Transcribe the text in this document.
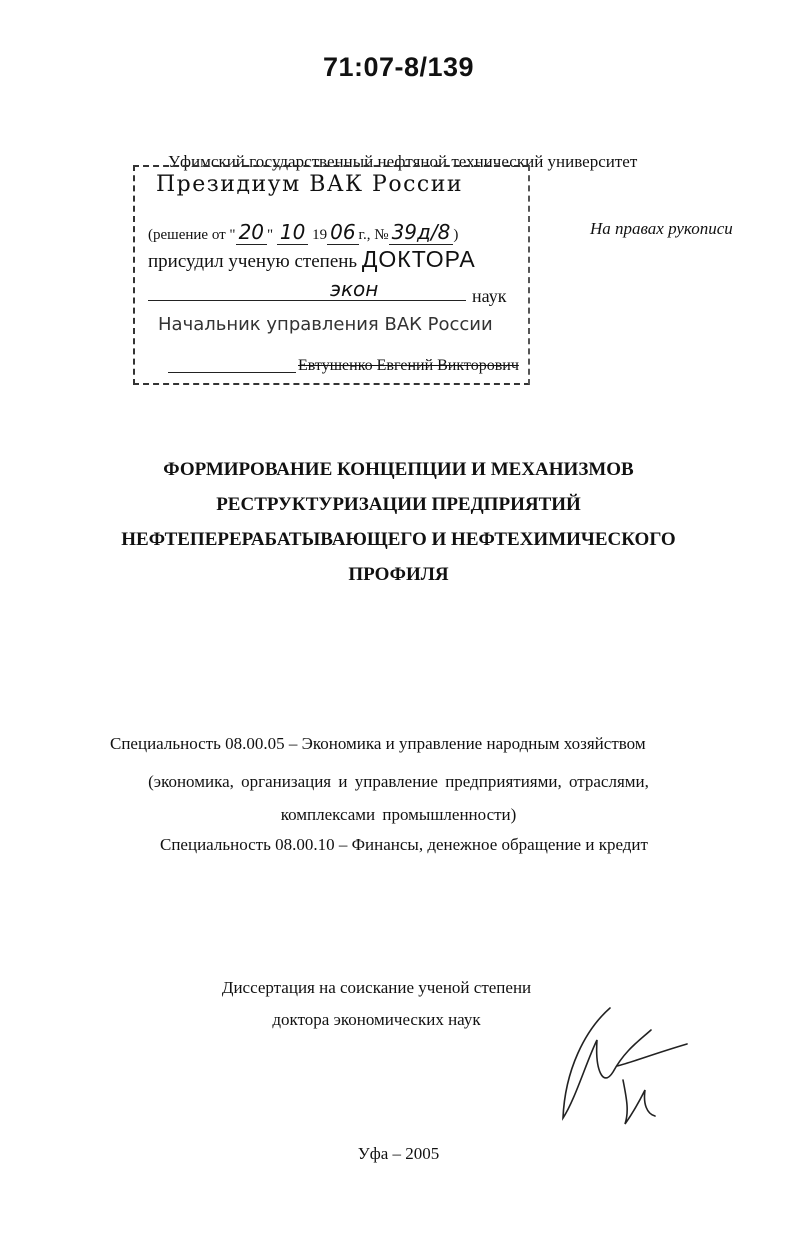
71:07-8/139
Уфимский государственный нефтяной технический университет
На правах рукописи
Президиум ВАК России
(решение от " 20 " 10 19 06 г., № 39д/8 )
присудил ученую степень ДОКТОРА
экон	наук
Начальник управления ВАК России
Евтушенко Евгений Викторович
ФОРМИРОВАНИЕ КОНЦЕПЦИИ И МЕХАНИЗМОВ
РЕСТРУКТУРИЗАЦИИ ПРЕДПРИЯТИЙ
НЕФТЕПЕРЕРАБАТЫВАЮЩЕГО И НЕФТЕХИМИЧЕСКОГО
ПРОФИЛЯ
Специальность 08.00.05 – Экономика и управление народным хозяйством
(экономика, организация и управление предприятиями, отраслями,
комплексами промышленности)
Специальность 08.00.10 – Финансы, денежное обращение и кредит
Диссертация на соискание ученой степени
доктора экономических наук
Уфа – 2005
